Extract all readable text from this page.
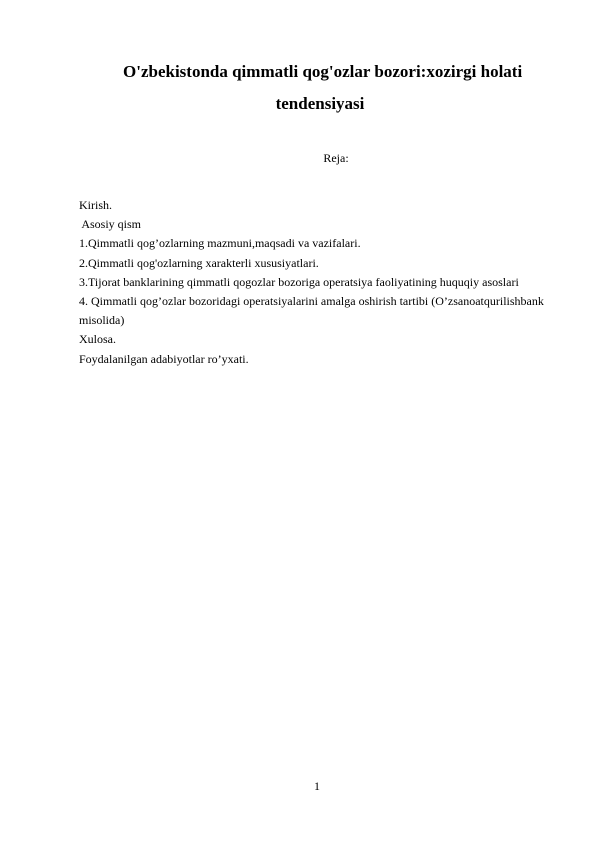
O'zbekistonda qimmatli qog'ozlar bozori:xozirgi holati
tendensiyasi
Reja:
Kirish.
Asosiy qism
1.Qimmatli qog’ozlarning mazmuni,maqsadi va vazifalari.
2.Qimmatli qog'ozlarning xarakterli xususiyatlari.
3.Tijorat banklarining qimmatli qogozlar bozoriga operatsiya faoliyatining huquqiy asoslari
4. Qimmatli qog’ozlar bozoridagi operatsiyalarini amalga oshirish tartibi (O’zsanoatqurilishbank misolida)
Xulosa.
Foydalanilgan adabiyotlar ro’yxati.
1
